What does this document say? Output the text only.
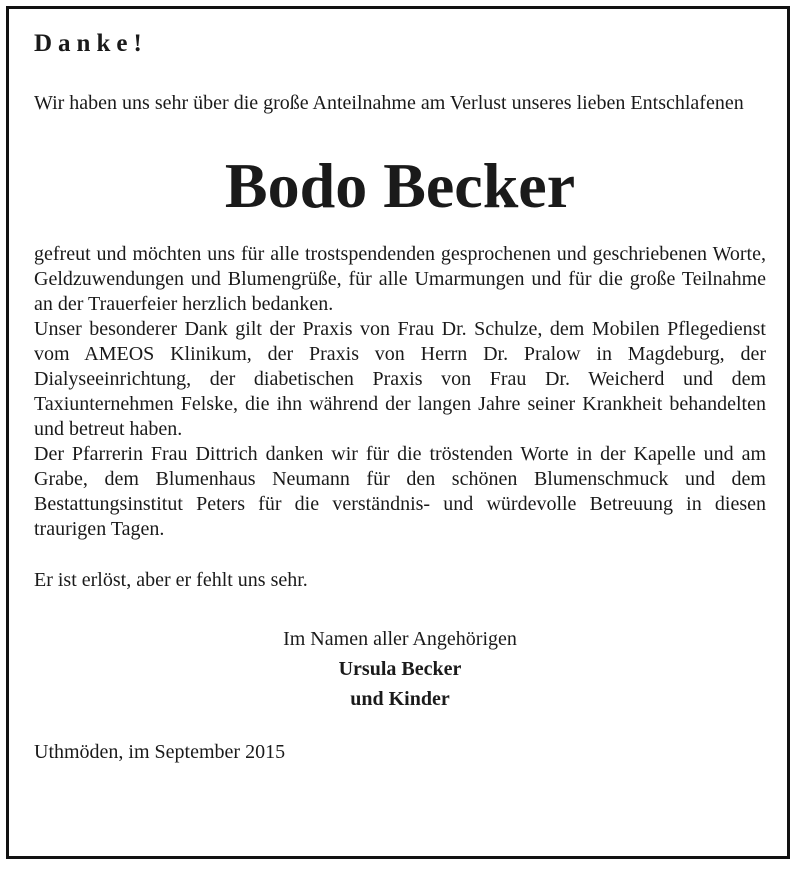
Danke!

Wir haben uns sehr über die große Anteilnahme am Verlust unseres lieben Entschlafenen

Bodo Becker

gefreut und möchten uns für alle trostspendenden gesprochenen und geschriebenen Worte, Geldzuwendungen und Blumengrüße, für alle Umarmungen und für die große Teilnahme an der Trauerfeier herzlich bedanken.

Unser besonderer Dank gilt der Praxis von Frau Dr. Schulze, dem Mobilen Pflegedienst vom AMEOS Klinikum, der Praxis von Herrn Dr. Pralow in Magdeburg, der Dialyseeinrichtung, der diabetischen Praxis von Frau Dr. Weicherd und dem Taxiunternehmen Felske, die ihn während der langen Jahre seiner Krankheit behandelten und betreut haben.

Der Pfarrerin Frau Dittrich danken wir für die tröstenden Worte in der Kapelle und am Grabe, dem Blumenhaus Neumann für den schönen Blumenschmuck und dem Bestattungsinstitut Peters für die verständnis- und würdevolle Betreuung in diesen traurigen Tagen.

Er ist erlöst, aber er fehlt uns sehr.

Im Namen aller Angehörigen
Ursula Becker
und Kinder
Uthmöden, im September 2015
